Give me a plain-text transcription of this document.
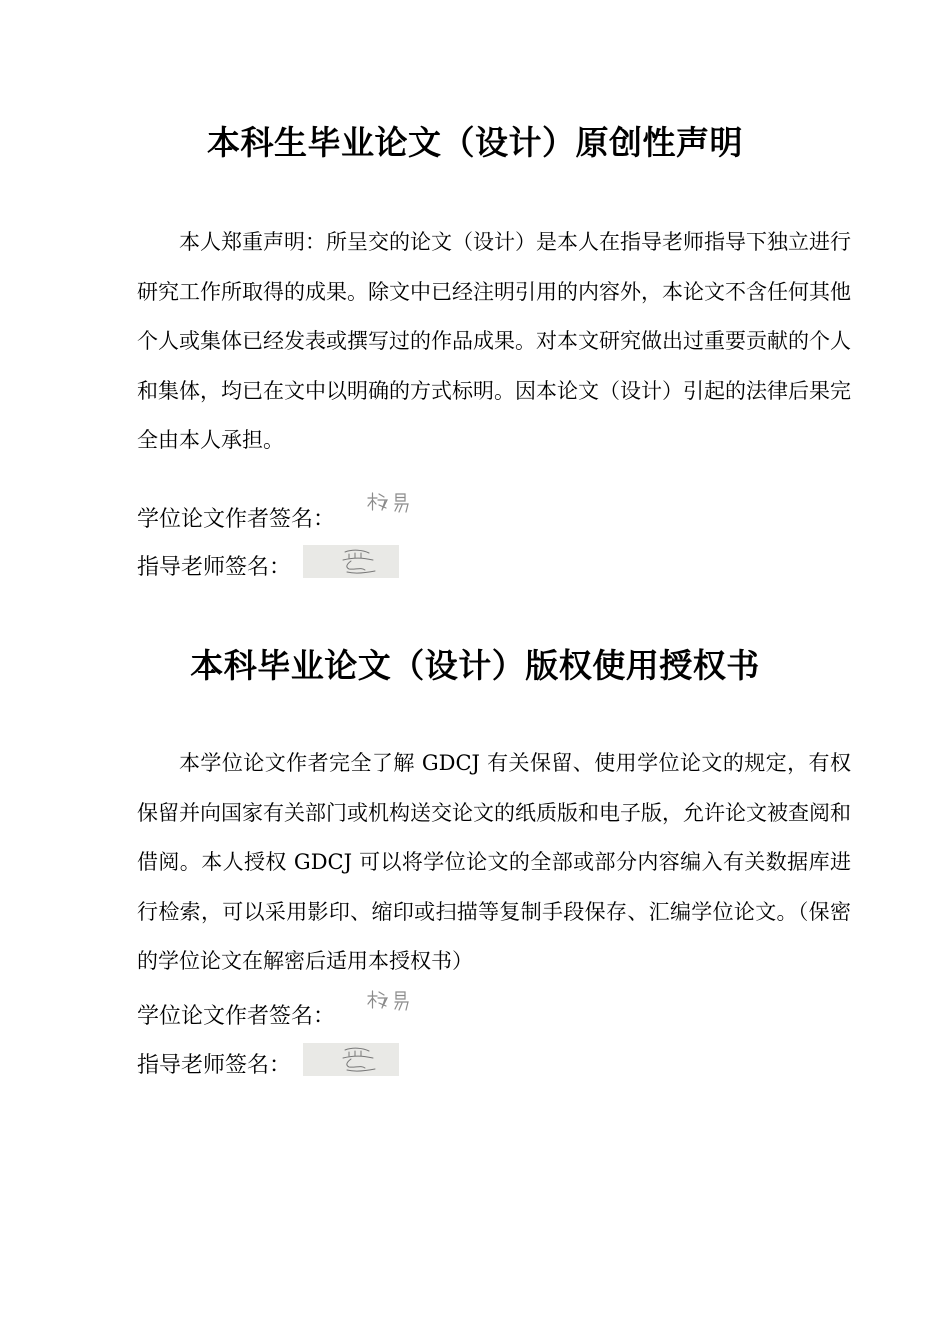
本科生毕业论文（设计）原创性声明

本人郑重声明：所呈交的论文（设计）是本人在指导老师指导下独立进行研究工作所取得的成果。除文中已经注明引用的内容外，本论文不含任何其他个人或集体已经发表或撰写过的作品成果。对本文研究做出过重要贡献的个人和集体，均已在文中以明确的方式标明。因本论文（设计）引起的法律后果完全由本人承担。

学位论文作者签名：

指导老师签名：

本科毕业论文（设计）版权使用授权书

本学位论文作者完全了解 GDCJ 有关保留、使用学位论文的规定，有权保留并向国家有关部门或机构送交论文的纸质版和电子版，允许论文被查阅和借阅。本人授权 GDCJ 可以将学位论文的全部或部分内容编入有关数据库进行检索，可以采用影印、缩印或扫描等复制手段保存、汇编学位论文。（保密的学位论文在解密后适用本授权书）

学位论文作者签名：

指导老师签名：
